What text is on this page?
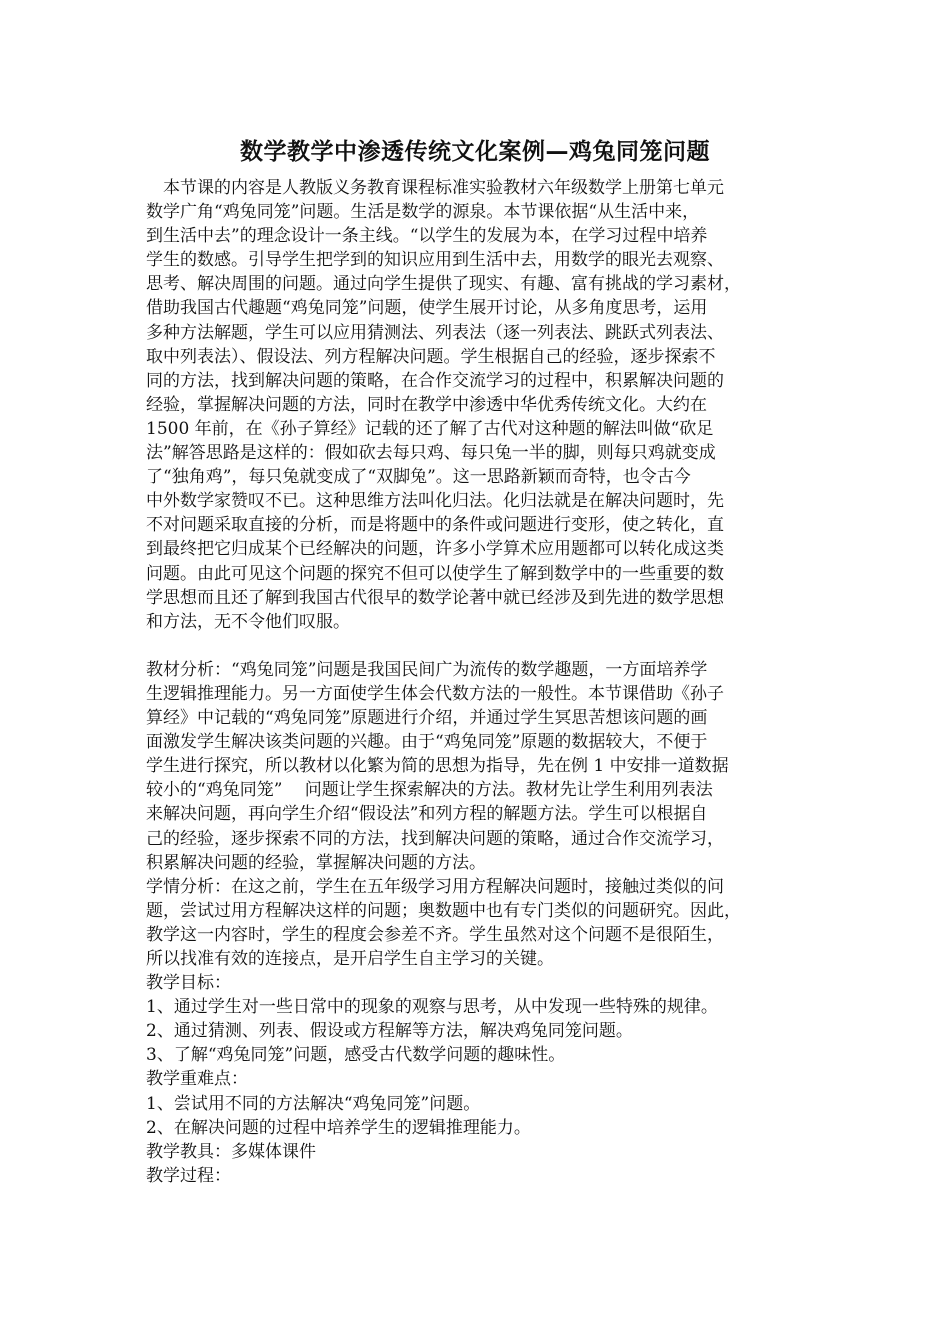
数学教学中渗透传统文化案例—鸡兔同笼问题
　本节课的内容是人教版义务教育课程标准实验教材六年级数学上册第七单元
数学广角“鸡兔同笼”问题。生活是数学的源泉。本节课依据“从生活中来，
到生活中去”的理念设计一条主线。“以学生的发展为本，在学习过程中培养
学生的数感。引导学生把学到的知识应用到生活中去，用数学的眼光去观察、
思考、解决周围的问题。通过向学生提供了现实、有趣、富有挑战的学习素材，
借助我国古代趣题“鸡兔同笼”问题，使学生展开讨论，从多角度思考，运用
多种方法解题，学生可以应用猜测法、列表法（逐一列表法、跳跃式列表法、
取中列表法）、假设法、列方程解决问题。学生根据自己的经验，逐步探索不
同的方法，找到解决问题的策略，在合作交流学习的过程中，积累解决问题的
经验，掌握解决问题的方法，同时在教学中渗透中华优秀传统文化。大约在
1500 年前，在《孙子算经》记载的还了解了古代对这种题的解法叫做“砍足
法”解答思路是这样的：假如砍去每只鸡、每只兔一半的脚，则每只鸡就变成
了“独角鸡”，每只兔就变成了“双脚兔”。这一思路新颖而奇特，也令古今
中外数学家赞叹不已。这种思维方法叫化归法。化归法就是在解决问题时，先
不对问题采取直接的分析，而是将题中的条件或问题进行变形，使之转化，直
到最终把它归成某个已经解决的问题，许多小学算术应用题都可以转化成这类
问题。由此可见这个问题的探究不但可以使学生了解到数学中的一些重要的数
学思想而且还了解到我国古代很早的数学论著中就已经涉及到先进的数学思想
和方法，无不令他们叹服。
教材分析：“鸡兔同笼”问题是我国民间广为流传的数学趣题，一方面培养学
生逻辑推理能力。另一方面使学生体会代数方法的一般性。本节课借助《孙子
算经》中记载的“鸡兔同笼”原题进行介绍，并通过学生冥思苦想该问题的画
面激发学生解决该类问题的兴趣。由于“鸡兔同笼”原题的数据较大，不便于
学生进行探究，所以教材以化繁为简的思想为指导，先在例 1 中安排一道数据
较小的“鸡兔同笼”　 问题让学生探索解决的方法。教材先让学生利用列表法
来解决问题，再向学生介绍“假设法”和列方程的解题方法。学生可以根据自
己的经验，逐步探索不同的方法，找到解决问题的策略，通过合作交流学习，
积累解决问题的经验，掌握解决问题的方法。
学情分析：在这之前，学生在五年级学习用方程解决问题时，接触过类似的问
题，尝试过用方程解决这样的问题；奥数题中也有专门类似的问题研究。因此，
教学这一内容时，学生的程度会参差不齐。学生虽然对这个问题不是很陌生，
所以找准有效的连接点，是开启学生自主学习的关键。
教学目标：
1、通过学生对一些日常中的现象的观察与思考，从中发现一些特殊的规律。
2、通过猜测、列表、假设或方程解等方法，解决鸡兔同笼问题。
3、了解“鸡兔同笼”问题，感受古代数学问题的趣味性。
教学重难点：
1、尝试用不同的方法解决“鸡兔同笼”问题。
2、在解决问题的过程中培养学生的逻辑推理能力。
教学教具：多媒体课件
教学过程：
